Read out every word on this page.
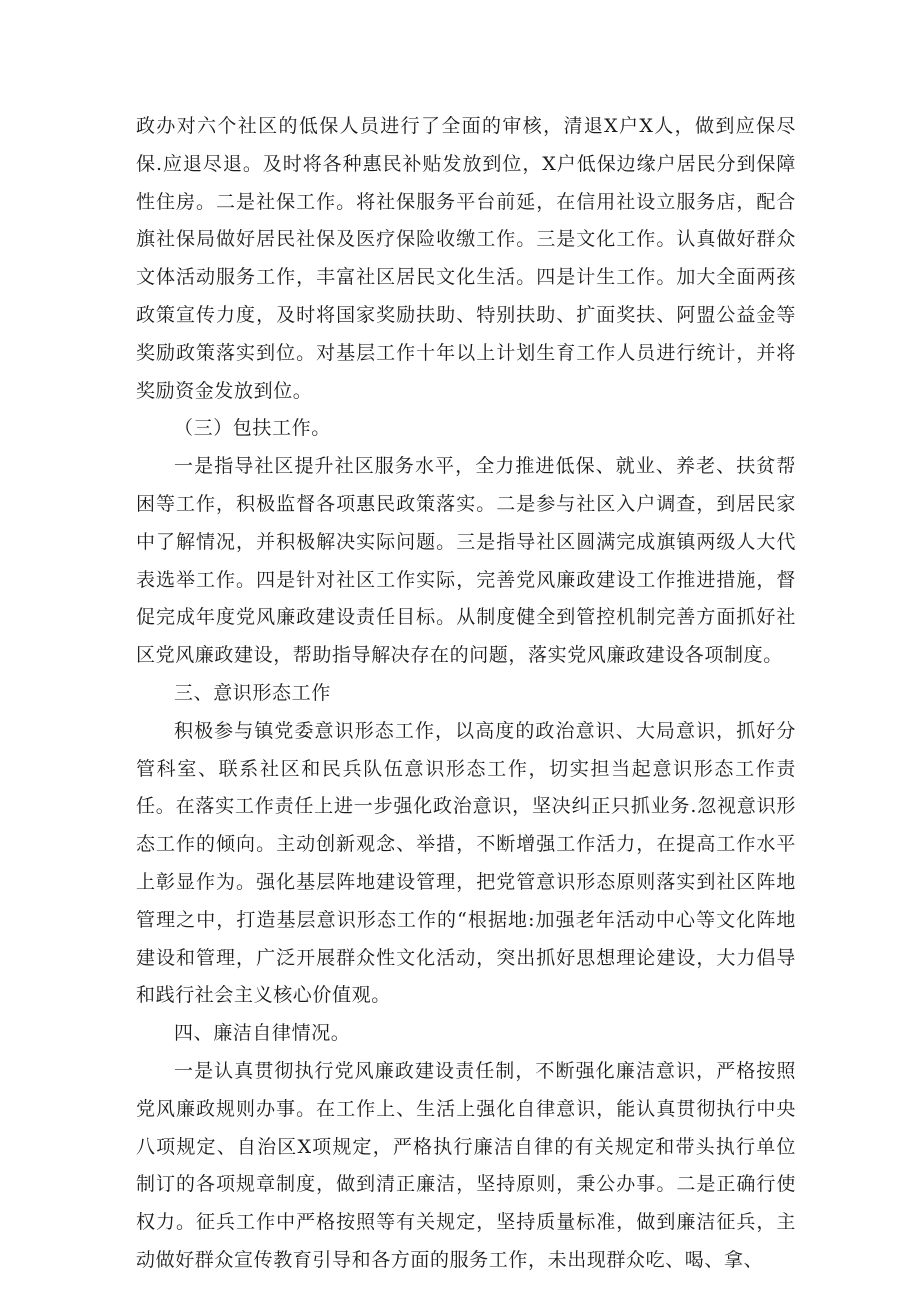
政办对六个社区的低保人员进行了全面的审核，清退X户X人，做到应保尽保.应退尽退。及时将各种惠民补贴发放到位，X户低保边缘户居民分到保障性住房。二是社保工作。将社保服务平台前延，在信用社设立服务店，配合旗社保局做好居民社保及医疗保险收缴工作。三是文化工作。认真做好群众文体活动服务工作，丰富社区居民文化生活。四是计生工作。加大全面两孩政策宣传力度，及时将国家奖励扶助、特别扶助、扩面奖扶、阿盟公益金等奖励政策落实到位。对基层工作十年以上计划生育工作人员进行统计，并将奖励资金发放到位。

（三）包扶工作。

一是指导社区提升社区服务水平，全力推进低保、就业、养老、扶贫帮困等工作，积极监督各项惠民政策落实。二是参与社区入户调查，到居民家中了解情况，并积极解决实际问题。三是指导社区圆满完成旗镇两级人大代表选举工作。四是针对社区工作实际，完善党风廉政建设工作推进措施，督促完成年度党风廉政建设责任目标。从制度健全到管控机制完善方面抓好社区党风廉政建设，帮助指导解决存在的问题，落实党风廉政建设各项制度。

三、意识形态工作

积极参与镇党委意识形态工作，以高度的政治意识、大局意识，抓好分管科室、联系社区和民兵队伍意识形态工作，切实担当起意识形态工作责任。在落实工作责任上进一步强化政治意识，坚决纠正只抓业务.忽视意识形态工作的倾向。主动创新观念、举措，不断增强工作活力，在提高工作水平上彰显作为。强化基层阵地建设管理，把党管意识形态原则落实到社区阵地管理之中，打造基层意识形态工作的“根据地:加强老年活动中心等文化阵地建设和管理，广泛开展群众性文化活动，突出抓好思想理论建设，大力倡导和践行社会主义核心价值观。

四、廉洁自律情况。

一是认真贯彻执行党风廉政建设责任制，不断强化廉洁意识，严格按照党风廉政规则办事。在工作上、生活上强化自律意识，能认真贯彻执行中央八项规定、自治区X项规定，严格执行廉洁自律的有关规定和带头执行单位制订的各项规章制度，做到清正廉洁，坚持原则，秉公办事。二是正确行使权力。征兵工作中严格按照等有关规定，坚持质量标准，做到廉洁征兵，主动做好群众宣传教育引导和各方面的服务工作，未出现群众吃、喝、拿、
